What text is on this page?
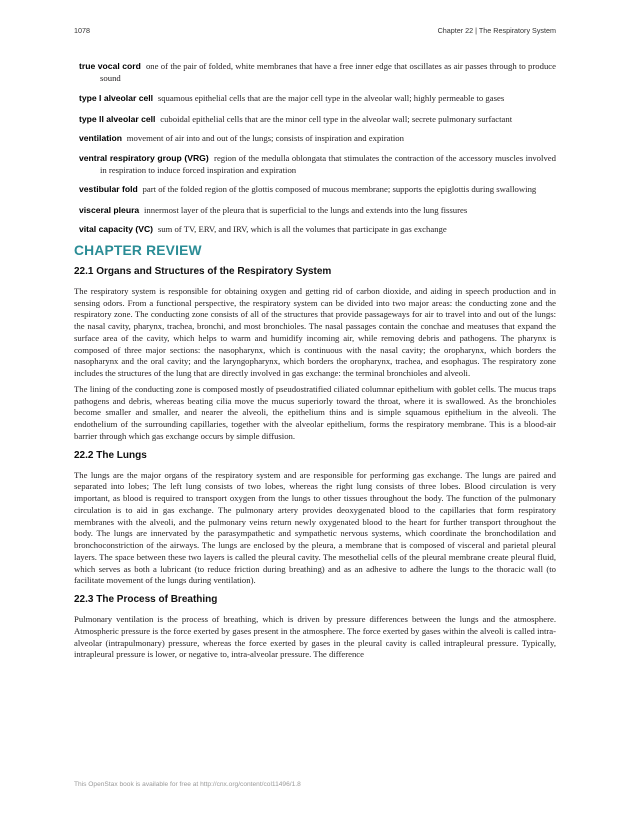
1078	Chapter 22 | The Respiratory System
true vocal cord one of the pair of folded, white membranes that have a free inner edge that oscillates as air passes through to produce sound
type I alveolar cell squamous epithelial cells that are the major cell type in the alveolar wall; highly permeable to gases
type II alveolar cell cuboidal epithelial cells that are the minor cell type in the alveolar wall; secrete pulmonary surfactant
ventilation movement of air into and out of the lungs; consists of inspiration and expiration
ventral respiratory group (VRG) region of the medulla oblongata that stimulates the contraction of the accessory muscles involved in respiration to induce forced inspiration and expiration
vestibular fold part of the folded region of the glottis composed of mucous membrane; supports the epiglottis during swallowing
visceral pleura innermost layer of the pleura that is superficial to the lungs and extends into the lung fissures
vital capacity (VC) sum of TV, ERV, and IRV, which is all the volumes that participate in gas exchange
CHAPTER REVIEW
22.1 Organs and Structures of the Respiratory System

The respiratory system is responsible for obtaining oxygen and getting rid of carbon dioxide, and aiding in speech production and in sensing odors. From a functional perspective, the respiratory system can be divided into two major areas: the conducting zone and the respiratory zone. The conducting zone consists of all of the structures that provide passageways for air to travel into and out of the lungs: the nasal cavity, pharynx, trachea, bronchi, and most bronchioles. The nasal passages contain the conchae and meatuses that expand the surface area of the cavity, which helps to warm and humidify incoming air, while removing debris and pathogens. The pharynx is composed of three major sections: the nasopharynx, which is continuous with the nasal cavity; the oropharynx, which borders the nasopharynx and the oral cavity; and the laryngopharynx, which borders the oropharynx, trachea, and esophagus. The respiratory zone includes the structures of the lung that are directly involved in gas exchange: the terminal bronchioles and alveoli.

The lining of the conducting zone is composed mostly of pseudostratified ciliated columnar epithelium with goblet cells. The mucus traps pathogens and debris, whereas beating cilia move the mucus superiorly toward the throat, where it is swallowed. As the bronchioles become smaller and smaller, and nearer the alveoli, the epithelium thins and is simple squamous epithelium in the alveoli. The endothelium of the surrounding capillaries, together with the alveolar epithelium, forms the respiratory membrane. This is a blood-air barrier through which gas exchange occurs by simple diffusion.

22.2 The Lungs

The lungs are the major organs of the respiratory system and are responsible for performing gas exchange. The lungs are paired and separated into lobes; The left lung consists of two lobes, whereas the right lung consists of three lobes. Blood circulation is very important, as blood is required to transport oxygen from the lungs to other tissues throughout the body. The function of the pulmonary circulation is to aid in gas exchange. The pulmonary artery provides deoxygenated blood to the capillaries that form respiratory membranes with the alveoli, and the pulmonary veins return newly oxygenated blood to the heart for further transport throughout the body. The lungs are innervated by the parasympathetic and sympathetic nervous systems, which coordinate the bronchodilation and bronchoconstriction of the airways. The lungs are enclosed by the pleura, a membrane that is composed of visceral and parietal pleural layers. The space between these two layers is called the pleural cavity. The mesothelial cells of the pleural membrane create pleural fluid, which serves as both a lubricant (to reduce friction during breathing) and as an adhesive to adhere the lungs to the thoracic wall (to facilitate movement of the lungs during ventilation).

22.3 The Process of Breathing

Pulmonary ventilation is the process of breathing, which is driven by pressure differences between the lungs and the atmosphere. Atmospheric pressure is the force exerted by gases present in the atmosphere. The force exerted by gases within the alveoli is called intra-alveolar (intrapulmonary) pressure, whereas the force exerted by gases in the pleural cavity is called intrapleural pressure. Typically, intrapleural pressure is lower, or negative to, intra-alveolar pressure. The difference

This OpenStax book is available for free at http://cnx.org/content/col11496/1.8
